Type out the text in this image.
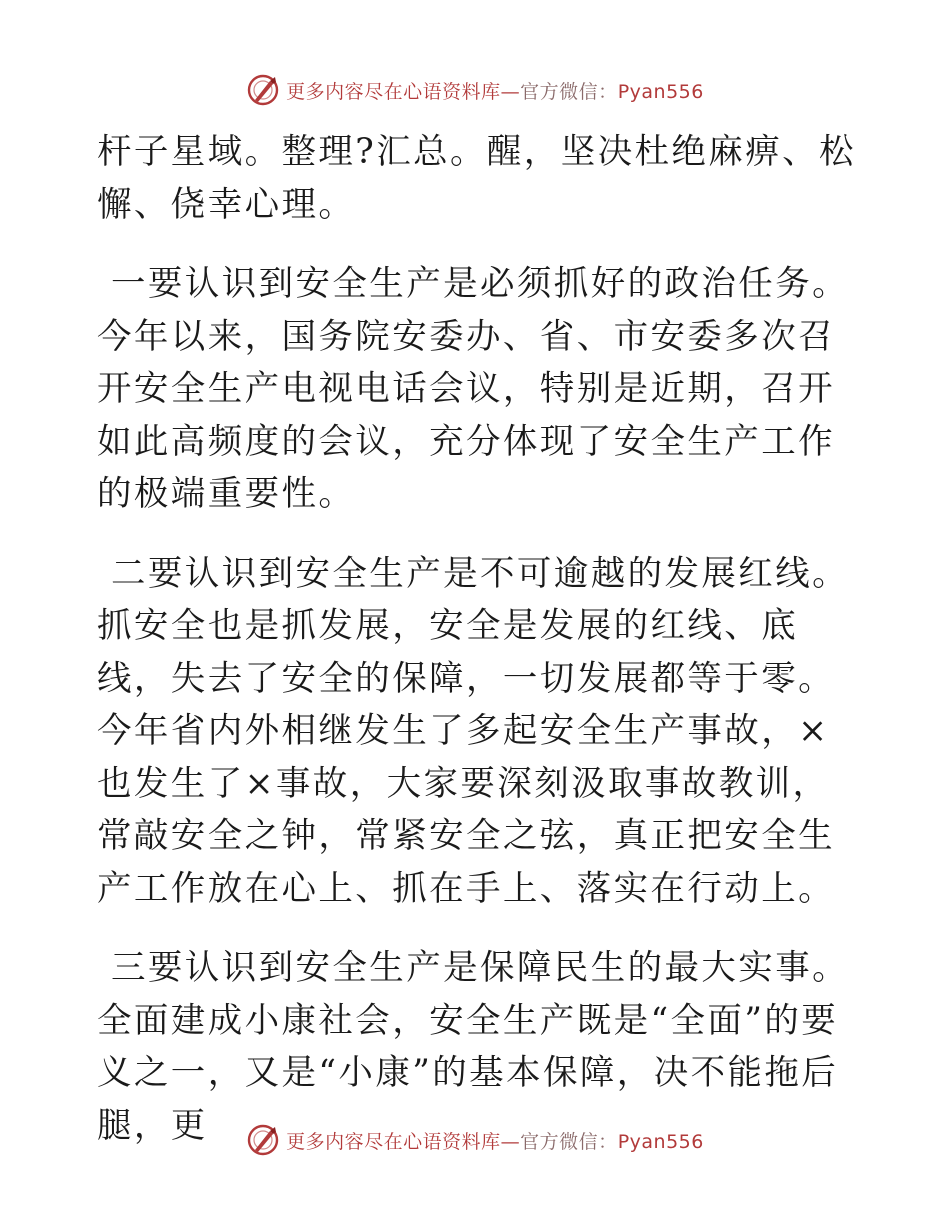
更多内容尽在心语资料库—官方微信：Pyan556

杆子星域。整理?汇总。醒，坚决杜绝麻痹、松懈、侥幸心理。

一要认识到安全生产是必须抓好的政治任务。今年以来，国务院安委办、省、市安委多次召开安全生产电视电话会议，特别是近期，召开如此高频度的会议，充分体现了安全生产工作的极端重要性。

二要认识到安全生产是不可逾越的发展红线。抓安全也是抓发展，安全是发展的红线、底线，失去了安全的保障，一切发展都等于零。今年省内外相继发生了多起安全生产事故，×也发生了×事故，大家要深刻汲取事故教训，常敲安全之钟，常紧安全之弦，真正把安全生产工作放在心上、抓在手上、落实在行动上。

三要认识到安全生产是保障民生的最大实事。全面建成小康社会，安全生产既是“全面”的要义之一，又是“小康”的基本保障，决不能拖后腿，更	更多内容尽在心语资料库—官方微信：Pyan556
